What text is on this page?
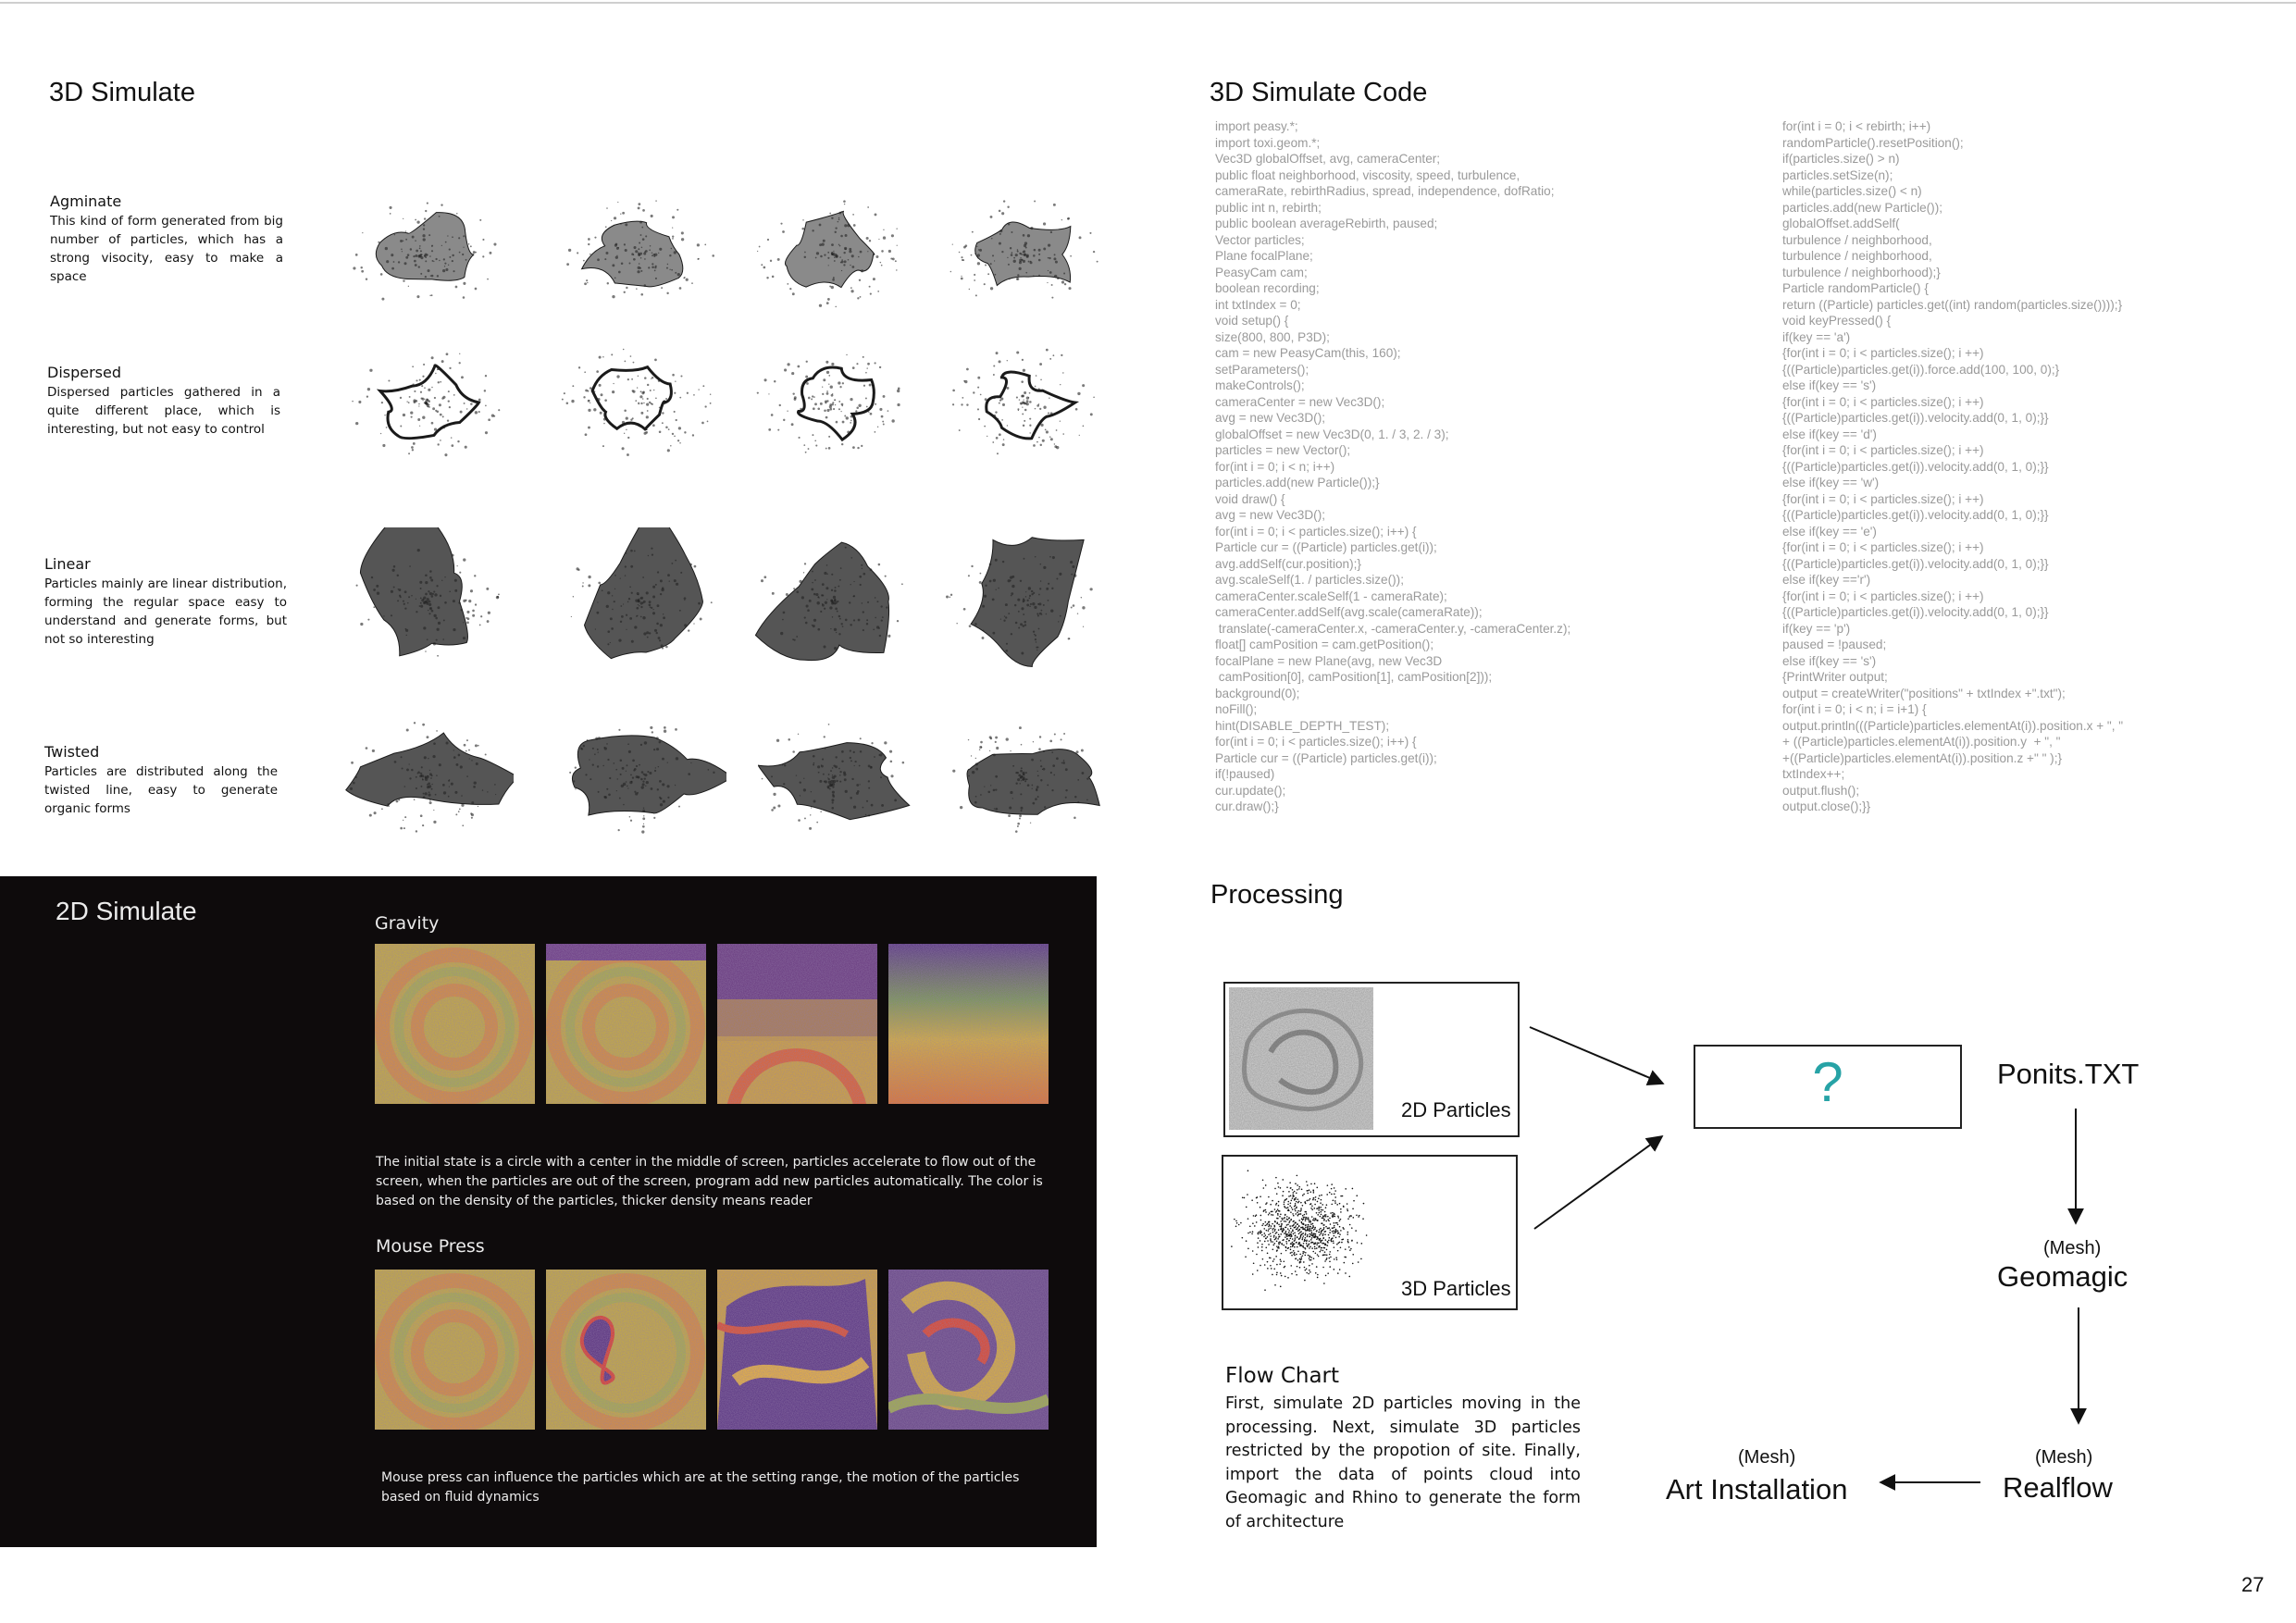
3D Simulate
Agminate
This kind of form generated from big number of particles, which has a strong visocity, easy to make a space
Dispersed
Dispersed particles gathered in a quite different place, which is interesting, but not easy to control
Linear
Particles mainly are linear distribution, forming the regular space easy to understand and generate forms, but not so interesting
Twisted
Particles are distributed along the twisted line, easy to generate organic forms
3D Simulate Code
import peasy.*;
import toxi.geom.*;
Vec3D globalOffset, avg, cameraCenter;
public float neighborhood, viscosity, speed, turbulence,
cameraRate, rebirthRadius, spread, independence, dofRatio;
public int n, rebirth;
public boolean averageRebirth, paused;
Vector particles;
Plane focalPlane;
PeasyCam cam;
boolean recording;
int txtIndex = 0;
void setup() {
size(800, 800, P3D);
cam = new PeasyCam(this, 160);
setParameters();
makeControls();
cameraCenter = new Vec3D();
avg = new Vec3D();
globalOffset = new Vec3D(0, 1. / 3, 2. / 3);
particles = new Vector();
for(int i = 0; i < n; i++)
particles.add(new Particle());}
void draw() {
avg = new Vec3D();
for(int i = 0; i < particles.size(); i++) {
Particle cur = ((Particle) particles.get(i));
avg.addSelf(cur.position);}
avg.scaleSelf(1. / particles.size());
cameraCenter.scaleSelf(1 - cameraRate);
cameraCenter.addSelf(avg.scale(cameraRate));
translate(-cameraCenter.x, -cameraCenter.y, -cameraCenter.z);
float[] camPosition = cam.getPosition();
focalPlane = new Plane(avg, new Vec3D
camPosition[0], camPosition[1], camPosition[2]));
background(0);
noFill();
hint(DISABLE_DEPTH_TEST);
for(int i = 0; i < particles.size(); i++) {
Particle cur = ((Particle) particles.get(i));
if(!paused)
cur.update();
cur.draw();}
for(int i = 0; i < rebirth; i++)
randomParticle().resetPosition();
if(particles.size() > n)
particles.setSize(n);
while(particles.size() < n)
particles.add(new Particle());
globalOffset.addSelf(
turbulence / neighborhood,
turbulence / neighborhood,
turbulence / neighborhood);}
Particle randomParticle() {
return ((Particle) particles.get((int) random(particles.size())));}
void keyPressed() {
if(key == 'a')
{for(int i = 0; i < particles.size(); i ++)
{((Particle)particles.get(i)).force.add(100, 100, 0);}
else if(key == 's')
{for(int i = 0; i < particles.size(); i ++)
{((Particle)particles.get(i)).velocity.add(0, 1, 0);}}
else if(key == 'd')
{for(int i = 0; i < particles.size(); i ++)
{((Particle)particles.get(i)).velocity.add(0, 1, 0);}}
else if(key == 'w')
{for(int i = 0; i < particles.size(); i ++)
{((Particle)particles.get(i)).velocity.add(0, 1, 0);}}
else if(key == 'e')
{for(int i = 0; i < particles.size(); i ++)
{((Particle)particles.get(i)).velocity.add(0, 1, 0);}}
else if(key =='r')
{for(int i = 0; i < particles.size(); i ++)
{((Particle)particles.get(i)).velocity.add(0, 1, 0);}}
if(key == 'p')
paused = !paused;
else if(key == 's')
{PrintWriter output;
output = createWriter("positions" + txtIndex +".txt");
for(int i = 0; i < n; i = i+1) {
output.println(((Particle)particles.elementAt(i)).position.x + ", "
+ ((Particle)particles.elementAt(i)).position.y  + ", "
+((Particle)particles.elementAt(i)).position.z +" " );}
txtIndex++;
output.flush();
output.close();}}
2D Simulate	Gravity
The initial state is a circle with a center in the middle of screen, particles accelerate to flow out of the screen, when the particles are out of the screen, program add new particles automatically. The color is based on the density of the particles, thicker density means reader
Mouse Press
Mouse press can influence the particles which are at the setting range, the motion of the particles based on fluid dynamics
Processing
2D Particles
3D Particles
?	Ponits.TXT
(Mesh)
Geomagic
(Mesh)
Realflow
(Mesh)
Art Installation
Flow Chart
First, simulate 2D particles moving in the processing. Next, simulate 3D particles restricted by the propotion of site. Finally, import the data of points cloud into Geomagic and Rhino to generate the form of architecture
27
